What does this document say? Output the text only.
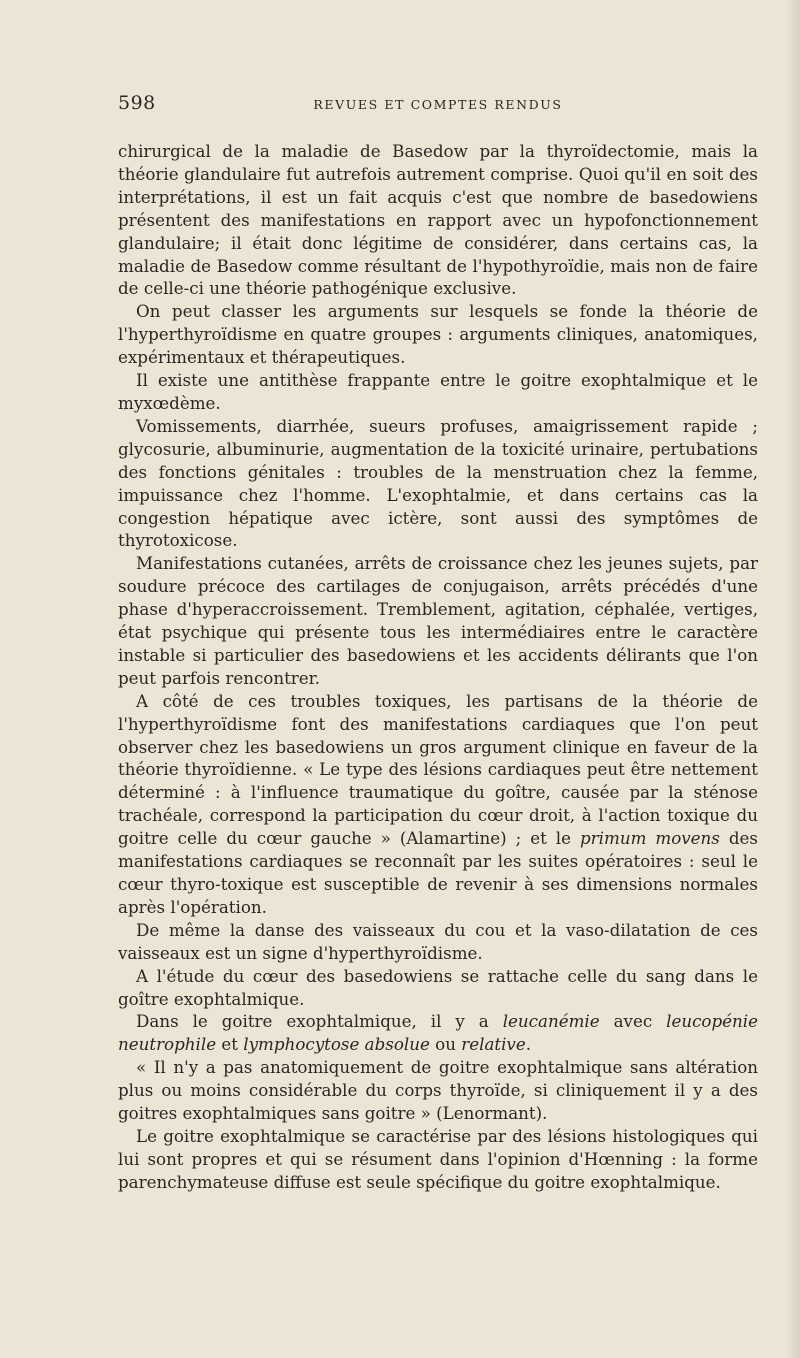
598	REVUES ET COMPTES RENDUS

chirurgical de la maladie de Basedow par la thyroïdectomie, mais la théorie glandulaire fut autrefois autrement comprise. Quoi qu'il en soit des interprétations, il est un fait acquis c'est que nombre de basedowiens présentent des manifestations en rapport avec un hypofonctionnement glandulaire; il était donc légitime de considérer, dans certains cas, la maladie de Basedow comme résultant de l'hypothyroïdie, mais non de faire de celle-ci une théorie pathogénique exclusive.

On peut classer les arguments sur lesquels se fonde la théorie de l'hyperthyroïdisme en quatre groupes : arguments cliniques, anatomiques, expérimentaux et thérapeutiques.

Il existe une antithèse frappante entre le goitre exophtalmique et le myxœdème.

Vomissements, diarrhée, sueurs profuses, amaigrissement rapide ; glycosurie, albuminurie, augmentation de la toxicité urinaire, pertubations des fonctions génitales : troubles de la menstruation chez la femme, impuissance chez l'homme. L'exophtalmie, et dans certains cas la congestion hépatique avec ictère, sont aussi des symptômes de thyrotoxicose.

Manifestations cutanées, arrêts de croissance chez les jeunes sujets, par soudure précoce des cartilages de conjugaison, arrêts précédés d'une phase d'hyperaccroissement. Tremblement, agitation, céphalée, vertiges, état psychique qui présente tous les intermédiaires entre le caractère instable si particulier des basedowiens et les accidents délirants que l'on peut parfois rencontrer.

A côté de ces troubles toxiques, les partisans de la théorie de l'hyperthyroïdisme font des manifestations cardiaques que l'on peut observer chez les basedowiens un gros argument clinique en faveur de la théorie thyroïdienne. « Le type des lésions cardiaques peut être nettement déterminé : à l'influence traumatique du goître, causée par la sténose trachéale, correspond la participation du cœur droit, à l'action toxique du goitre celle du cœur gauche » (Alamartine) ; et le primum movens des manifestations cardiaques se reconnaît par les suites opératoires : seul le cœur thyro-toxique est susceptible de revenir à ses dimensions normales après l'opération.

De même la danse des vaisseaux du cou et la vaso-dilatation de ces vaisseaux est un signe d'hyperthyroïdisme.

A l'étude du cœur des basedowiens se rattache celle du sang dans le goître exophtalmique.

Dans le goitre exophtalmique, il y a leucanémie avec leucopénie neutrophile et lymphocytose absolue ou relative.

« Il n'y a pas anatomiquement de goitre exophtalmique sans altération plus ou moins considérable du corps thyroïde, si cliniquement il y a des goitres exophtalmiques sans goitre » (Lenormant).

Le goitre exophtalmique se caractérise par des lésions histologiques qui lui sont propres et qui se résument dans l'opinion d'Hœnning : la forme parenchymateuse diffuse est seule spécifique du goitre exophtalmique.
